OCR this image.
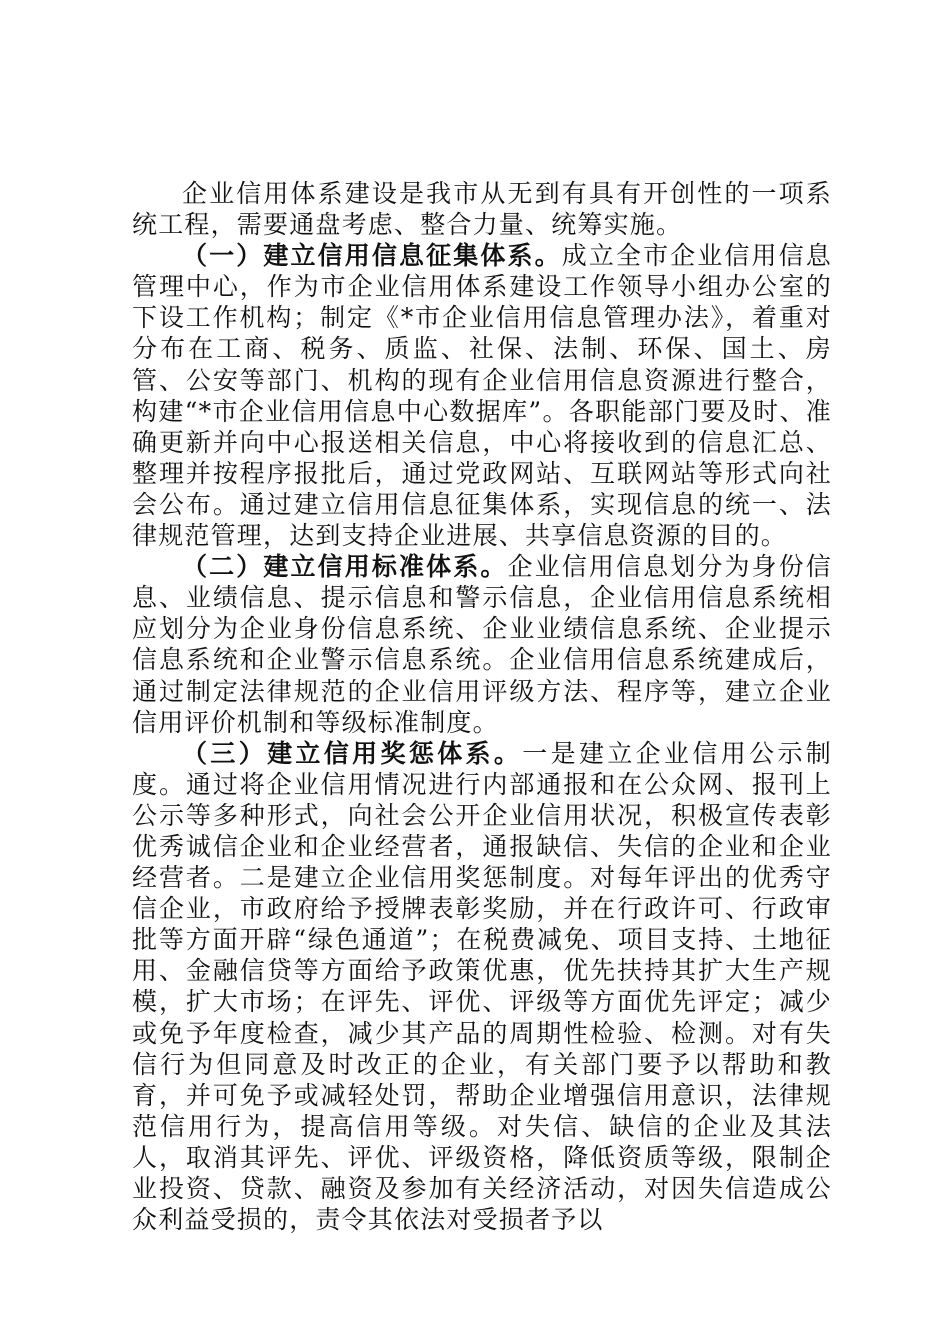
企业信用体系建设是我市从无到有具有开创性的一项系统工程，需要通盘考虑、整合力量、统筹实施。

（一）建立信用信息征集体系。成立全市企业信用信息管理中心，作为市企业信用体系建设工作领导小组办公室的下设工作机构；制定《*市企业信用信息管理办法》，着重对分布在工商、税务、质监、社保、法制、环保、国土、房管、公安等部门、机构的现有企业信用信息资源进行整合，构建“*市企业信用信息中心数据库”。各职能部门要及时、准确更新并向中心报送相关信息，中心将接收到的信息汇总、整理并按程序报批后，通过党政网站、互联网站等形式向社会公布。通过建立信用信息征集体系，实现信息的统一、法律规范管理，达到支持企业进展、共享信息资源的目的。

（二）建立信用标准体系。企业信用信息划分为身份信息、业绩信息、提示信息和警示信息，企业信用信息系统相应划分为企业身份信息系统、企业业绩信息系统、企业提示信息系统和企业警示信息系统。企业信用信息系统建成后，通过制定法律规范的企业信用评级方法、程序等，建立企业信用评价机制和等级标准制度。

（三）建立信用奖惩体系。一是建立企业信用公示制度。通过将企业信用情况进行内部通报和在公众网、报刊上公示等多种形式，向社会公开企业信用状况，积极宣传表彰优秀诚信企业和企业经营者，通报缺信、失信的企业和企业经营者。二是建立企业信用奖惩制度。对每年评出的优秀守信企业，市政府给予授牌表彰奖励，并在行政许可、行政审批等方面开辟“绿色通道”；在税费减免、项目支持、土地征用、金融信贷等方面给予政策优惠，优先扶持其扩大生产规模，扩大市场；在评先、评优、评级等方面优先评定；减少或免予年度检查，减少其产品的周期性检验、检测。对有失信行为但同意及时改正的企业，有关部门要予以帮助和教育，并可免予或减轻处罚，帮助企业增强信用意识，法律规范信用行为，提高信用等级。对失信、缺信的企业及其法人，取消其评先、评优、评级资格，降低资质等级，限制企业投资、贷款、融资及参加有关经济活动，对因失信造成公众利益受损的，责令其依法对受损者予以
